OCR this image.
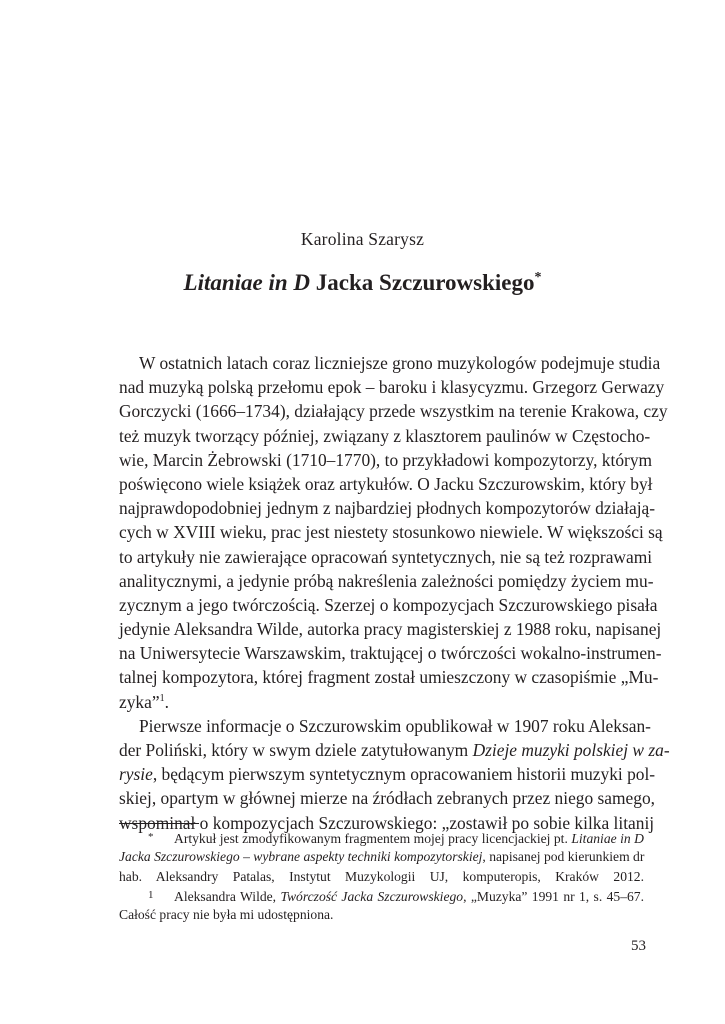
Karolina Szarysz
Litaniae in D Jacka Szczurowskiego*
W ostatnich latach coraz liczniejsze grono muzykologów podejmuje studia
nad muzyką polską przełomu epok – baroku i klasycyzmu. Grzegorz Gerwazy
Gorczycki (1666–1734), działający przede wszystkim na terenie Krakowa, czy
też muzyk tworzący później, związany z klasztorem paulinów w Częstocho-
wie, Marcin Żebrowski (1710–1770), to przykładowi kompozytorzy, którym
poświęcono wiele książek oraz artykułów. O Jacku Szczurowskim, który był
najprawdopodobniej jednym z najbardziej płodnych kompozytorów działają-
cych w XVIII wieku, prac jest niestety stosunkowo niewiele. W większości są
to artykuły nie zawierające opracowań syntetycznych, nie są też rozprawami
analitycznymi, a jedynie próbą nakreślenia zależności pomiędzy życiem mu-
zycznym a jego twórczością. Szerzej o kompozycjach Szczurowskiego pisała
jedynie Aleksandra Wilde, autorka pracy magisterskiej z 1988 roku, napisanej
na Uniwersytecie Warszawskim, traktującej o twórczości wokalno-instrumen-
talnej kompozytora, której fragment został umieszczony w czasopiśmie „Mu-
zyka”$^1$.
Pierwsze informacje o Szczurowskim opublikował w 1907 roku Aleksan-
der Poliński, który w swym dziele zatytułowanym Dzieje muzyki polskiej w za-
rysie, będącym pierwszym syntetycznym opracowaniem historii muzyki pol-
skiej, opartym w głównej mierze na źródłach zebranych przez niego samego,
wspominał o kompozycjach Szczurowskiego: „zostawił po sobie kilka litanij
* Artykuł jest zmodyfikowanym fragmentem mojej pracy licencjackiej pt. Litaniae in D
Jacka Szczurowskiego – wybrane aspekty techniki kompozytorskiej, napisanej pod kierunkiem dr
hab. Aleksandry Patalas, Instytut Muzykologii UJ, komputeropis, Kraków 2012.
1 Aleksandra Wilde, Twórczość Jacka Szczurowskiego, „Muzyka” 1991 nr 1, s. 45–67.
Całość pracy nie była mi udostępniona.
53
